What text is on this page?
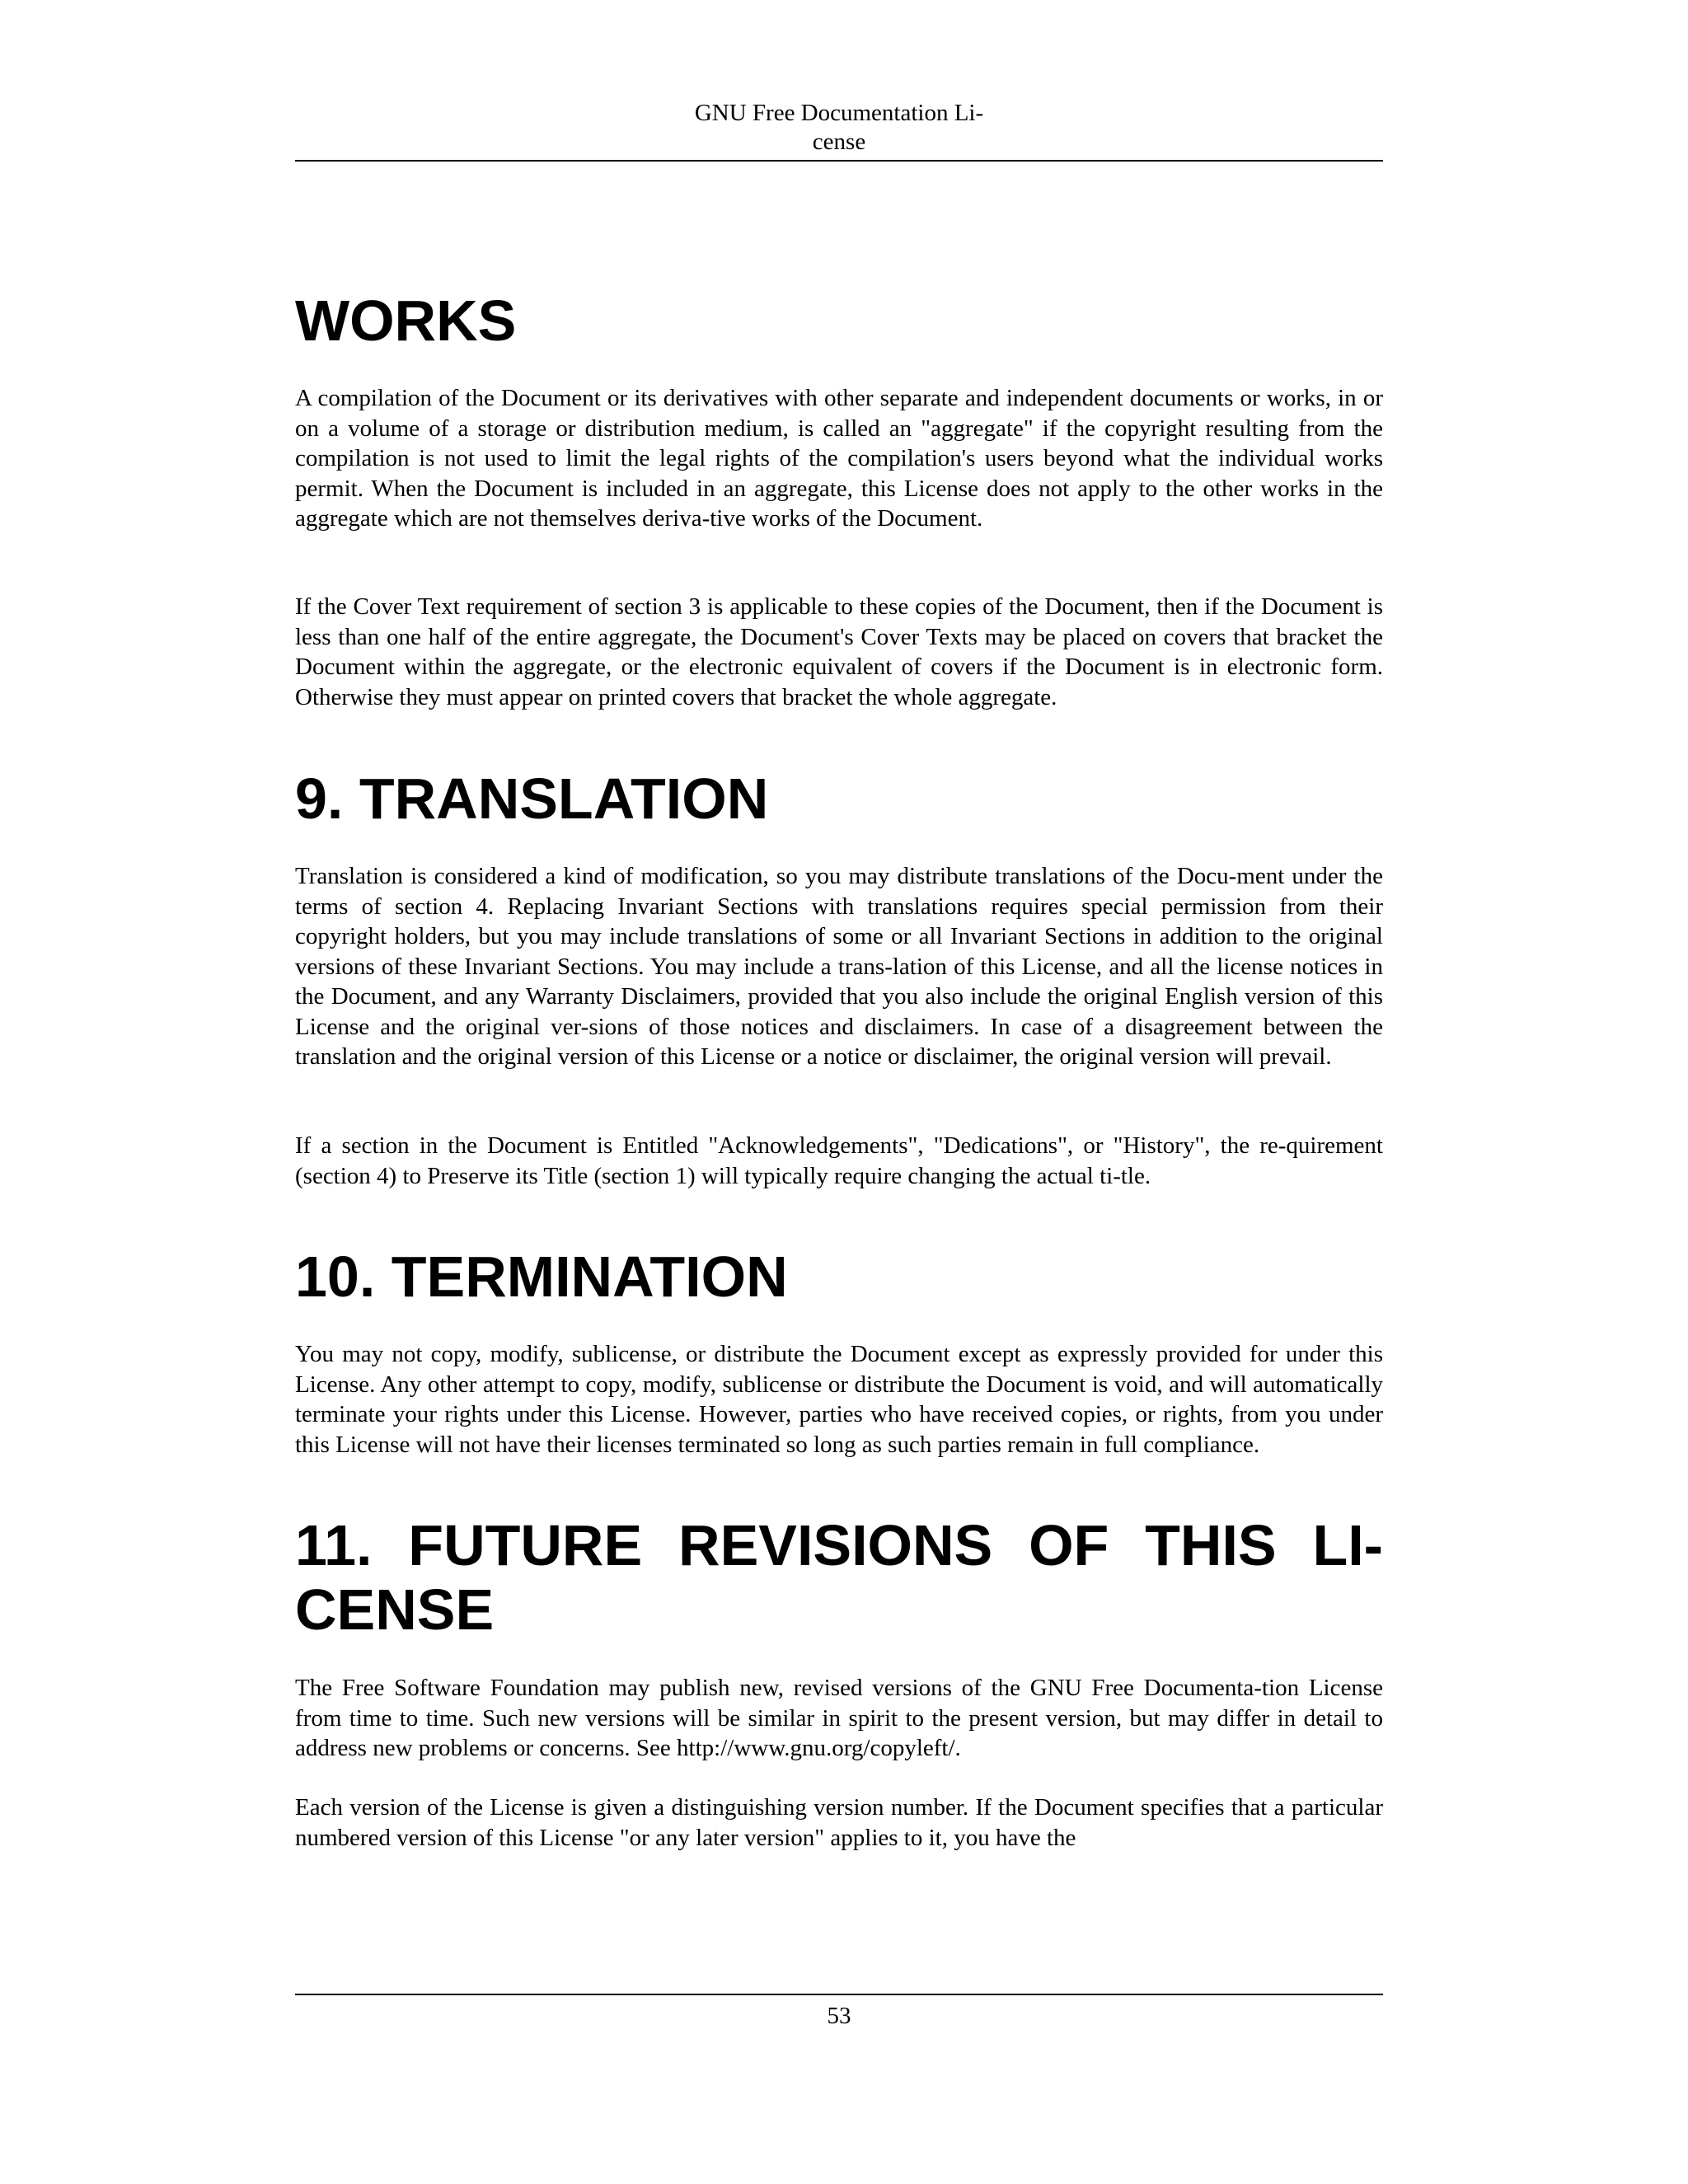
GNU Free Documentation Li-
cense
WORKS

A compilation of the Document or its derivatives with other separate and independent documents or works, in or on a volume of a storage or distribution medium, is called an "aggregate" if the copyright resulting from the compilation is not used to limit the legal rights of the compilation's users beyond what the individual works permit. When the Document is included in an aggregate, this License does not apply to the other works in the aggregate which are not themselves deriva-tive works of the Document.

If the Cover Text requirement of section 3 is applicable to these copies of the Document, then if the Document is less than one half of the entire aggregate, the Document's Cover Texts may be placed on covers that bracket the Document within the aggregate, or the electronic equivalent of covers if the Document is in electronic form. Otherwise they must appear on printed covers that bracket the whole aggregate.

9. TRANSLATION

Translation is considered a kind of modification, so you may distribute translations of the Docu-ment under the terms of section 4. Replacing Invariant Sections with translations requires special permission from their copyright holders, but you may include translations of some or all Invariant Sections in addition to the original versions of these Invariant Sections. You may include a trans-lation of this License, and all the license notices in the Document, and any Warranty Disclaimers, provided that you also include the original English version of this License and the original ver-sions of those notices and disclaimers. In case of a disagreement between the translation and the original version of this License or a notice or disclaimer, the original version will prevail.

If a section in the Document is Entitled "Acknowledgements", "Dedications", or "History", the re-quirement (section 4) to Preserve its Title (section 1) will typically require changing the actual ti-tle.

10. TERMINATION

You may not copy, modify, sublicense, or distribute the Document except as expressly provided for under this License. Any other attempt to copy, modify, sublicense or distribute the Document is void, and will automatically terminate your rights under this License. However, parties who have received copies, or rights, from you under this License will not have their licenses terminated so long as such parties remain in full compliance.

11. FUTURE REVISIONS OF THIS LI-
CENSE

The Free Software Foundation may publish new, revised versions of the GNU Free Documenta-tion License from time to time. Such new versions will be similar in spirit to the present version, but may differ in detail to address new problems or concerns. See http://www.gnu.org/copyleft/.

Each version of the License is given a distinguishing version number. If the Document specifies that a particular numbered version of this License "or any later version" applies to it, you have the

53
